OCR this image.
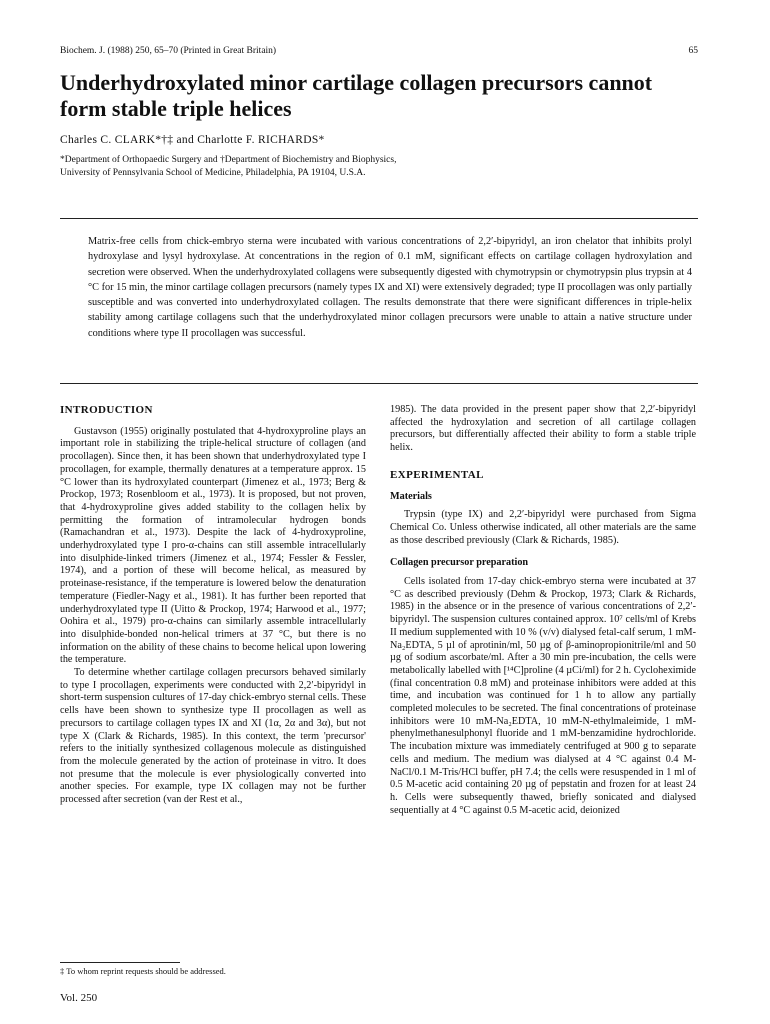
Biochem. J. (1988) 250, 65–70 (Printed in Great Britain)	65
Underhydroxylated minor cartilage collagen precursors cannot form stable triple helices
Charles C. CLARK*†‡ and Charlotte F. RICHARDS*
*Department of Orthopaedic Surgery and †Department of Biochemistry and Biophysics,
University of Pennsylvania School of Medicine, Philadelphia, PA 19104, U.S.A.
Matrix-free cells from chick-embryo sterna were incubated with various concentrations of 2,2′-bipyridyl, an iron chelator that inhibits prolyl hydroxylase and lysyl hydroxylase. At concentrations in the region of 0.1 mM, significant effects on cartilage collagen hydroxylation and secretion were observed. When the underhydroxylated collagens were subsequently digested with chymotrypsin or chymotrypsin plus trypsin at 4 °C for 15 min, the minor cartilage collagen precursors (namely types IX and XI) were extensively degraded; type II procollagen was only partially susceptible and was converted into underhydroxylated collagen. The results demonstrate that there were significant differences in triple-helix stability among cartilage collagens such that the underhydroxylated minor collagen precursors were unable to attain a native structure under conditions where type II procollagen was successful.
INTRODUCTION

Gustavson (1955) originally postulated that 4-hydroxyproline plays an important role in stabilizing the triple-helical structure of collagen (and procollagen). Since then, it has been shown that underhydroxylated type I procollagen, for example, thermally denatures at a temperature approx. 15 °C lower than its hydroxylated counterpart (Jimenez et al., 1973; Berg & Prockop, 1973; Rosenbloom et al., 1973). It is proposed, but not proven, that 4-hydroxyproline gives added stability to the collagen helix by permitting the formation of intramolecular hydrogen bonds (Ramachandran et al., 1973). Despite the lack of 4-hydroxyproline, underhydroxylated type I pro-α-chains can still assemble intracellularly into disulphide-linked trimers (Jimenez et al., 1974; Fessler & Fessler, 1974), and a portion of these will become helical, as measured by proteinase-resistance, if the temperature is lowered below the denaturation temperature (Fiedler-Nagy et al., 1981). It has further been reported that underhydroxylated type II (Uitto & Prockop, 1974; Harwood et al., 1977; Oohira et al., 1979) pro-α-chains can similarly assemble intracellularly into disulphide-bonded non-helical trimers at 37 °C, but there is no information on the ability of these chains to become helical upon lowering the temperature.

To determine whether cartilage collagen precursors behaved similarly to type I procollagen, experiments were conducted with 2,2′-bipyridyl in short-term suspension cultures of 17-day chick-embryo sternal cells. These cells have been shown to synthesize type II procollagen as well as precursors to cartilage collagen types IX and XI (1α, 2α and 3α), but not type X (Clark & Richards, 1985). In this context, the term 'precursor' refers to the initially synthesized collagenous molecule as distinguished from the molecule generated by the action of proteinase in vitro. It does not presume that the molecule is ever physiologically converted into another species. For example, type IX collagen may not be further processed after secretion (van der Rest et al.,

1985). The data provided in the present paper show that 2,2′-bipyridyl affected the hydroxylation and secretion of all cartilage collagen precursors, but differentially affected their ability to form a stable triple helix.

EXPERIMENTAL
Materials

Trypsin (type IX) and 2,2′-bipyridyl were purchased from Sigma Chemical Co. Unless otherwise indicated, all other materials are the same as those described previously (Clark & Richards, 1985).

Collagen precursor preparation

Cells isolated from 17-day chick-embryo sterna were incubated at 37 °C as described previously (Dehm & Prockop, 1973; Clark & Richards, 1985) in the absence or in the presence of various concentrations of 2,2′-bipyridyl. The suspension cultures contained approx. 10⁷ cells/ml of Krebs II medium supplemented with 10 % (v/v) dialysed fetal-calf serum, 1 mM-Na₂EDTA, 5 µl of aprotinin/ml, 50 µg of β-aminopropionitrile/ml and 50 µg of sodium ascorbate/ml. After a 30 min pre-incubation, the cells were metabolically labelled with [¹⁴C]proline (4 µCi/ml) for 2 h. Cycloheximide (final concentration 0.8 mM) and proteinase inhibitors were added at this time, and incubation was continued for 1 h to allow any partially completed molecules to be secreted. The final concentrations of proteinase inhibitors were 10 mM-Na₂EDTA, 10 mM-N-ethylmaleimide, 1 mM-phenylmethanesulphonyl fluoride and 1 mM-benzamidine hydrochloride. The incubation mixture was immediately centrifuged at 900 g to separate cells and medium. The medium was dialysed at 4 °C against 0.4 M-NaCl/0.1 M-Tris/HCl buffer, pH 7.4; the cells were resuspended in 1 ml of 0.5 M-acetic acid containing 20 µg of pepstatin and frozen for at least 24 h. Cells were subsequently thawed, briefly sonicated and dialysed sequentially at 4 °C against 0.5 M-acetic acid, deionized

‡ To whom reprint requests should be addressed.
Vol. 250
